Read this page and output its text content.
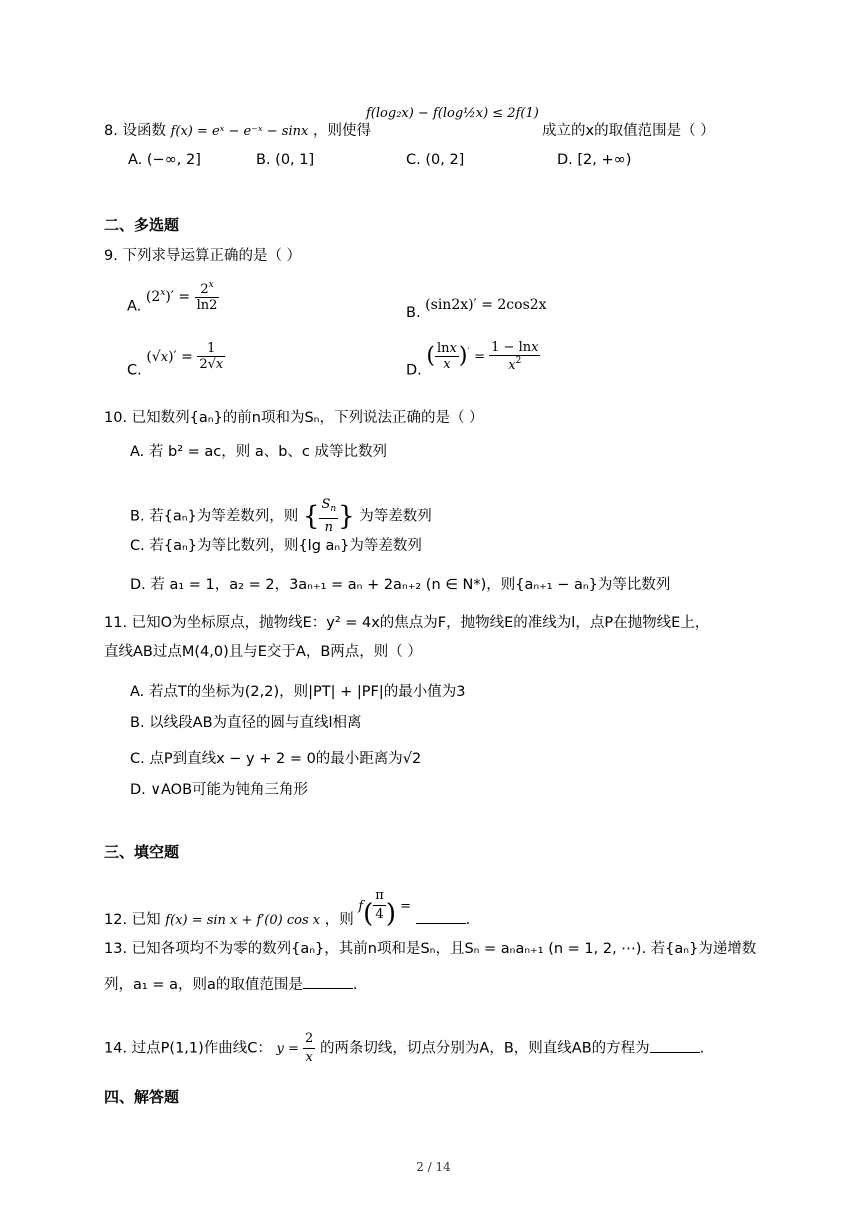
8. 设函数 f(x) = eˣ − e⁻ˣ − sinx ，则使得
f(log₂x) − f(log½x) ≤ 2f(1)
成立的x的取值范围是（ ）
A. (−∞, 2]	B. (0, 1]	C. (0, 2]	D. [2, +∞)
二、多选题
9. 下列求导运算正确的是（ ）
A. $(2^x)' = \frac{2^x}{\ln 2}$	B. (sin2x)′ = 2cos2x
C. $(√x)' = \frac{1}{2√x}$	D. ( $\frac{\ln x}{x} )' = \frac{1 - \ln x}{x^2}$
10. 已知数列{aₙ}的前n项和为Sₙ，下列说法正确的是（ ）
A. 若 b² = ac，则 a、b、c 成等比数列
B. 若{aₙ}为等差数列，则 { $\frac{S_n}{n}$ } 为等差数列
C. 若{aₙ}为等比数列，则{lg aₙ}为等差数列
D. 若 a₁ = 1，a₂ = 2，3aₙ₊₁ = aₙ + 2aₙ₊₂ (n ∈ N*)，则{aₙ₊₁ − aₙ}为等比数列
11. 已知O为坐标原点，抛物线E：y² = 4x的焦点为F，抛物线E的准线为l，点P在抛物线E上，
直线AB过点M(4,0)且与E交于A，B两点，则（ ）
A. 若点T的坐标为(2,2)，则|PT| + |PF|的最小值为3
B. 以线段AB为直径的圆与直线l相离
C. 点P到直线x − y + 2 = 0的最小距离为√2
D. ∨AOB可能为钝角三角形
三、填空题
12. 已知 f(x) = sin x + f′(0) cos x ，则 $f( \frac{\pi}{4}$ ) = .
13. 已知各项均不为零的数列{aₙ}，其前n项和是Sₙ，且Sₙ = aₙaₙ₊₁ (n = 1, 2, ⋯). 若{aₙ}为递增数
列，a₁ = a，则a的取值范围是	.
14. 过点P(1,1)作曲线C： $y = \frac{2}{x}$ 的两条切线，切点分别为A，B，则直线AB的方程为	.
四、解答题
2 / 14
